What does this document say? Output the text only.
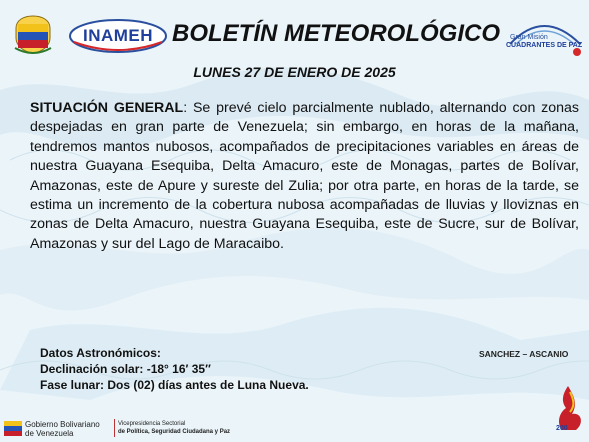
INAMEH BOLETÍN METEOROLÓGICO Gran Misión
CUADRANTES DE PAZ
LUNES 27 DE ENERO DE 2025
SITUACIÓN GENERAL: Se prevé cielo parcialmente nublado, alternando con zonas despejadas en gran parte de Venezuela; sin embargo, en horas de la mañana, tendremos mantos nubosos, acompañados de precipitaciones variables en áreas de nuestra Guayana Esequiba, Delta Amacuro, este de Monagas, partes de Bolívar, Amazonas, este de Apure y sureste del Zulia; por otra parte, en horas de la tarde, se estima un incremento de la cobertura nubosa acompañadas de lluvias y lloviznas en zonas de Delta Amacuro, nuestra Guayana Esequiba, este de Sucre, sur de Bolívar, Amazonas y sur del Lago de Maracaibo.
Datos Astronómicos:
Declinación solar: -18° 16′ 35″
Fase lunar: Dos (02) días antes de Luna Nueva.
SANCHEZ – ASCANIO
Gobierno Bolivariano
de Venezuela
Vicepresidencia Sectorial
de Política, Seguridad Ciudadana y Paz	200
